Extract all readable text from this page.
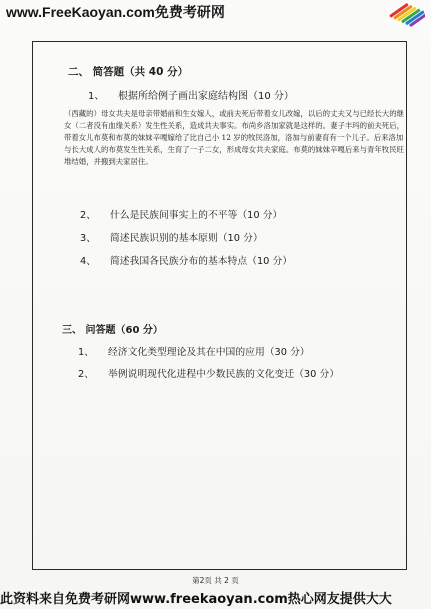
www.FreeKaoyan.com免费考研网
二、 简答题（共 40 分）
1、 根据所给例子画出家庭结构图（10 分）
（西藏的）母女共夫是母亲带婚前和生女嫁人，或前夫死后带着女儿改嫁，以后的丈夫又与已经长大的继女（二者没有血缘关系）发生性关系，造成共夫事实。布尚乡洛加家就是这样的。妻子丰玛的前夫死后，带着女儿布莫和布莫的妹妹辛嘎嫁给了比自己小 12 岁的牧民洛加，洛加与前妻育有一个儿子。后来洛加与长大成人的布莫发生性关系，生育了一子二女，形成母女共夫家庭。布莫的妹妹辛嘎后来与青年牧民旺堆结婚，并搬到夫家居住。
2、 什么是民族间事实上的不平等（10 分）
3、 简述民族识别的基本原则（10 分）
4、 简述我国各民族分布的基本特点（10 分）
三、 问答题（60 分）
1、 经济文化类型理论及其在中国的应用（30 分）
2、 举例说明现代化进程中少数民族的文化变迁（30 分）
第2页 共 2 页
此资料来自免费考研网www.freekaoyan.com热心网友提供大大
